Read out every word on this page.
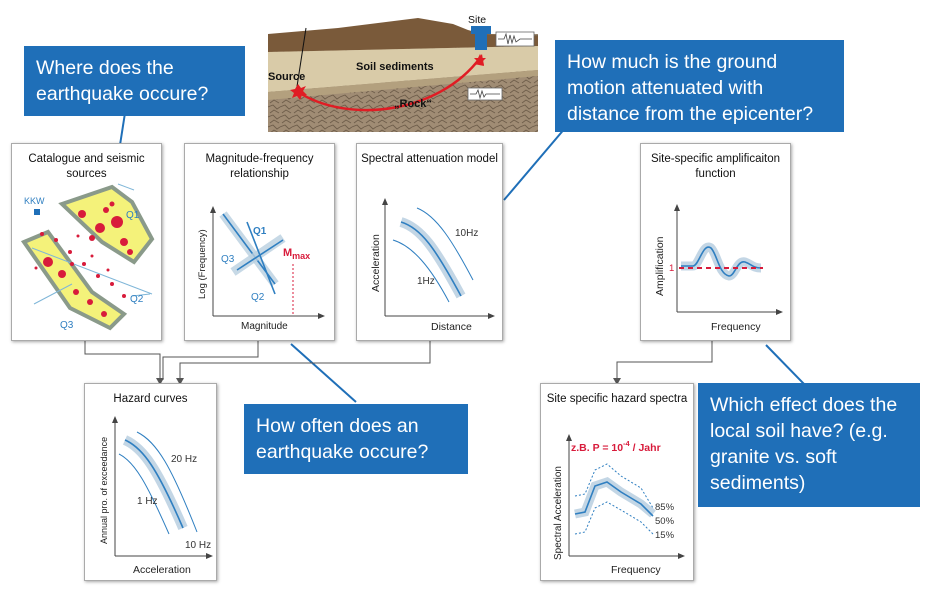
Source
Soil sediments
„Rock“
Site
Where does the earthquake occure?
How much is the ground motion attenuated with distance from the epicenter?
How often does an earthquake occure?
Which effect does the local soil have? (e.g. granite vs. soft sediments)
Catalogue and seismic sources
KKW
Q1
Q2
Q3
Magnitude-frequency relationship
Q1
Q3
Q2
$M_{max}$
Magnitude
Log (Frequency)
Spectral attenuation model
10Hz
1Hz
Distance
Acceleration
Site-specific amplificaiton function
1
Frequency
Amplification
Hazard curves
20 Hz
1 Hz
10 Hz
Acceleration
Annual pro. of exceedance
Site specific hazard spectra
z.B. $P = 10^{-4}$ / Jahr
85%
50%
15%
Frequency
Spectral Acceleration
